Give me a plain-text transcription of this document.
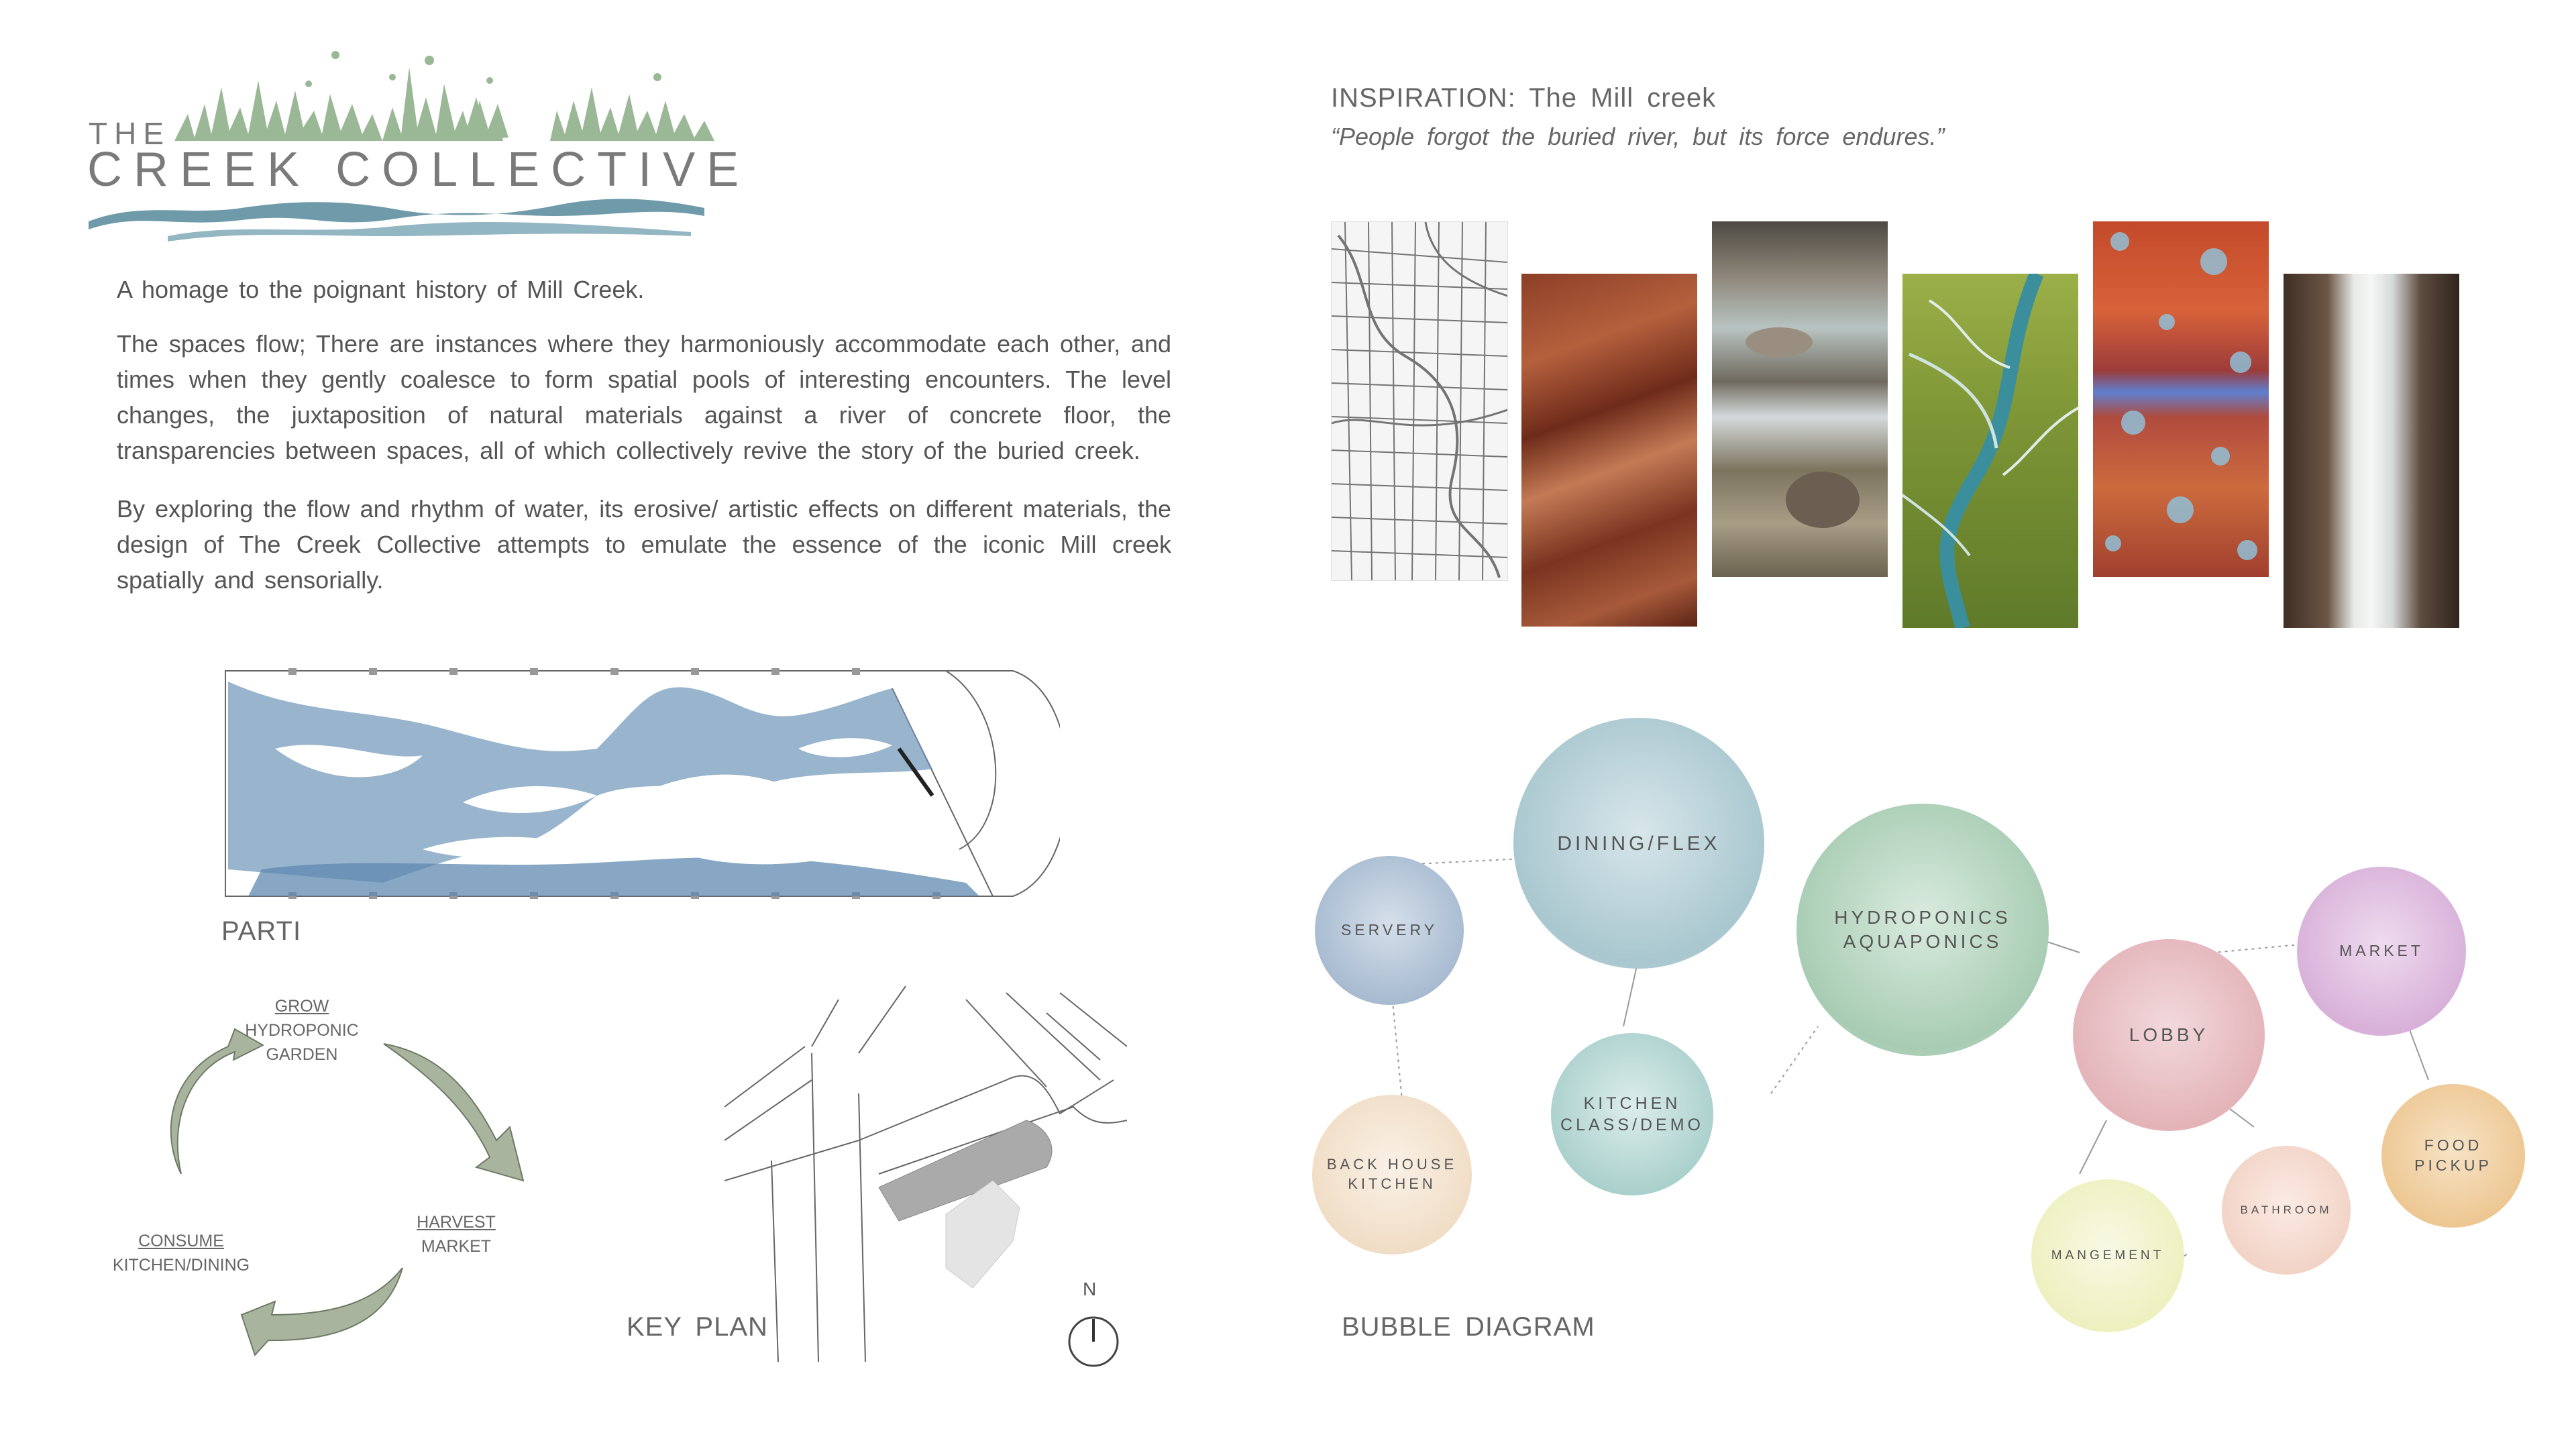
THE
CREEK COLLECTIVE

A homage to the poignant history of Mill Creek.

The spaces flow; There are instances where they harmoniously accommodate each other, and times when they gently coalesce to form spatial pools of interesting encounters. The level changes, the juxtaposition of natural materials against a river of concrete floor, the transparencies between spaces, all of which collectively revive the story of the buried creek.

By exploring the flow and rhythm of water, its erosive/ artistic effects on different materials, the design of The Creek Collective attempts to emulate the essence of the iconic Mill creek spatially and sensorially.

INSPIRATION: The Mill creek
“People forgot the buried river, but its force endures.”
PARTI
GROW
HYDROPONIC
GARDEN
HARVEST
MARKET
CONSUME
KITCHEN/DINING
KEY PLAN
N
DINING/FLEX
SERVERY
HYDROPONICS
AQUAPONICS
KITCHEN
CLASS/DEMO
BACK HOUSE
KITCHEN
LOBBY
MARKET
FOOD
PICKUP
BATHROOM
MANGEMENT
BUBBLE DIAGRAM
